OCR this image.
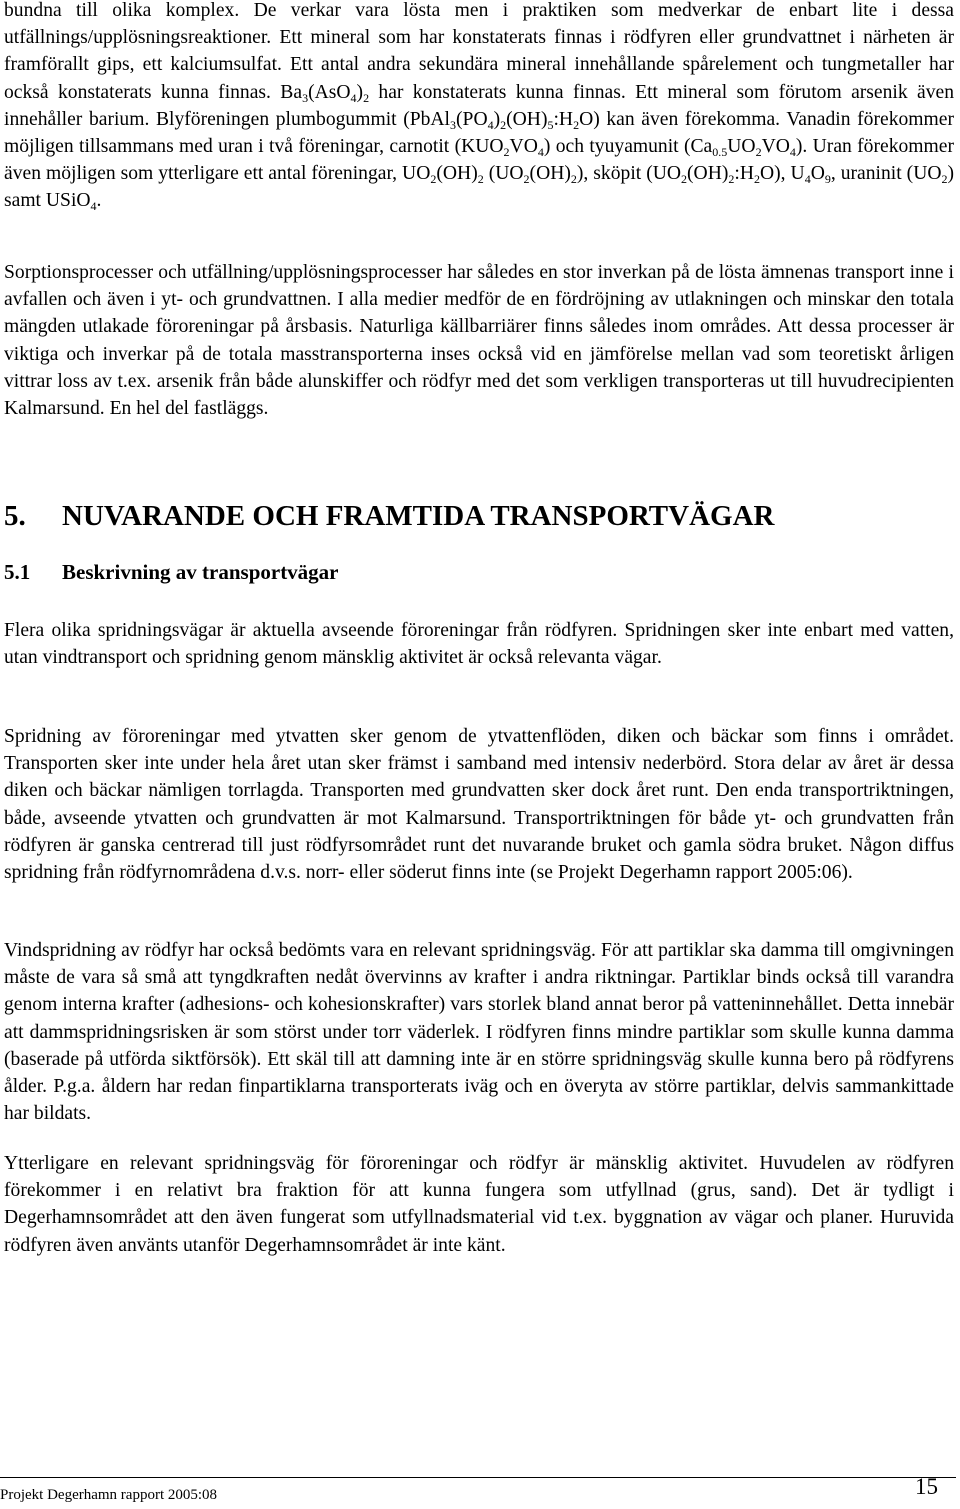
bundna till olika komplex. De verkar vara lösta men i praktiken som medverkar de enbart lite i dessa utfällnings/upplösningsreaktioner. Ett mineral som har konstaterats finnas i rödfyren eller grundvattnet i närheten är framförallt gips, ett kalciumsulfat. Ett antal andra sekundära mineral innehållande spårelement och tungmetaller har också konstaterats kunna finnas. $Ba_3(AsO_4)_2$ har konstaterats kunna finnas. Ett mineral som förutom arsenik även innehåller barium. Blyföreningen plumbogummit $(PbAl_3(PO_4)_2(OH)_5:H_2O)$ kan även förekomma. Vanadin förekommer möjligen tillsammans med uran i två föreningar, carnotit $(KUO_2VO_4)$ och tyuyamunit $(Ca_{0.5}UO_2VO_4)$. Uran förekommer även möjligen som ytterligare ett antal föreningar, $UO_2(OH)_2$ $(UO_2(OH)_2)$, sköpit $(UO_2(OH)_2:H_2O)$, $U_4O_9$, uraninit $(UO_2)$ samt USiO$_4$.

Sorptionsprocesser och utfällning/upplösningsprocesser har således en stor inverkan på de lösta ämnenas transport inne i avfallen och även i yt- och grundvattnen. I alla medier medför de en fördröjning av utlakningen och minskar den totala mängden utlakade föroreningar på årsbasis. Naturliga källbarriärer finns således inom områdes. Att dessa processer är viktiga och inverkar på de totala masstransporterna inses också vid en jämförelse mellan vad som teoretiskt årligen vittrar loss av t.ex. arsenik från både alunskiffer och rödfyr med det som verkligen transporteras ut till huvudrecipienten Kalmarsund. En hel del fastläggs.

5. NUVARANDE OCH FRAMTIDA TRANSPORTVÄGAR
5.1 Beskrivning av transportvägar

Flera olika spridningsvägar är aktuella avseende föroreningar från rödfyren. Spridningen sker inte enbart med vatten, utan vindtransport och spridning genom mänsklig aktivitet är också relevanta vägar.

Spridning av föroreningar med ytvatten sker genom de ytvattenflöden, diken och bäckar som finns i området. Transporten sker inte under hela året utan sker främst i samband med intensiv nederbörd. Stora delar av året är dessa diken och bäckar nämligen torrlagda. Transporten med grundvatten sker dock året runt. Den enda transportriktningen, både, avseende ytvatten och grundvatten är mot Kalmarsund. Transportriktningen för både yt- och grundvatten från rödfyren är ganska centrerad till just rödfyrsområdet runt det nuvarande bruket och gamla södra bruket. Någon diffus spridning från rödfyrnområdena d.v.s. norr- eller söderut finns inte (se Projekt Degerhamn rapport 2005:06).

Vindspridning av rödfyr har också bedömts vara en relevant spridningsväg. För att partiklar ska damma till omgivningen måste de vara så små att tyngdkraften nedåt övervinns av krafter i andra riktningar. Partiklar binds också till varandra genom interna krafter (adhesions- och kohesionskrafter) vars storlek bland annat beror på vatteninnehållet. Detta innebär att dammspridningsrisken är som störst under torr väderlek. I rödfyren finns mindre partiklar som skulle kunna damma (baserade på utförda siktförsök). Ett skäl till att damning inte är en större spridningsväg skulle kunna bero på rödfyrens ålder. P.g.a. åldern har redan finpartiklarna transporterats iväg och en överyta av större partiklar, delvis sammankittade har bildats.

Ytterligare en relevant spridningsväg för föroreningar och rödfyr är mänsklig aktivitet. Huvudelen av rödfyren förekommer i en relativt bra fraktion för att kunna fungera som utfyllnad (grus, sand). Det är tydligt i Degerhamnsområdet att den även fungerat som utfyllnadsmaterial vid t.ex. byggnation av vägar och planer. Huruvida rödfyren även använts utanför Degerhamnsområdet är inte känt.

Projekt Degerhamn rapport 2005:08	15
